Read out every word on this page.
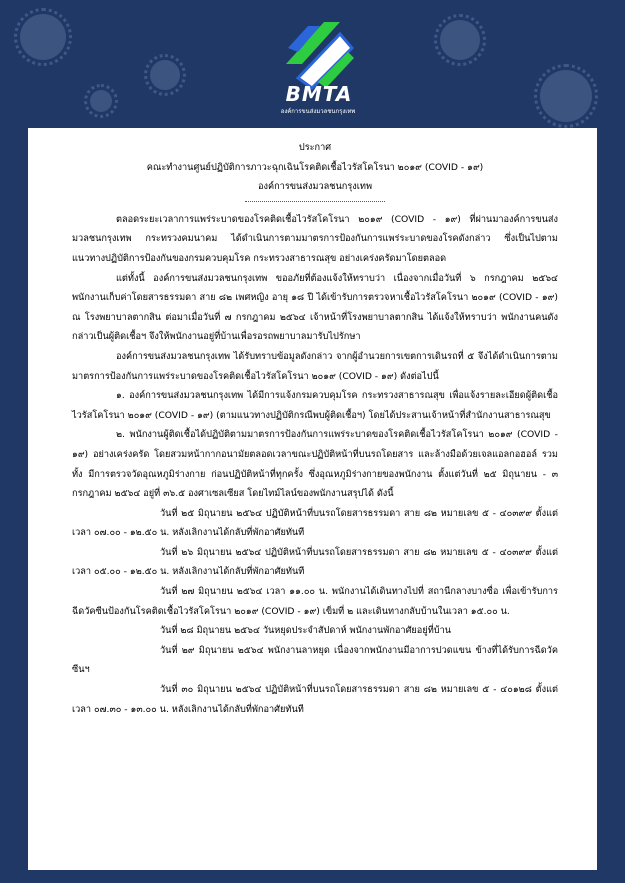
BMTA
องค์การขนส่งมวลชนกรุงเทพ
ประกาศ
คณะทำงานศูนย์ปฏิบัติการภาวะฉุกเฉินโรคติดเชื้อไวรัสโคโรนา ๒๐๑๙ (COVID - ๑๙)
องค์การขนส่งมวลชนกรุงเทพ

ตลอดระยะเวลาการแพร่ระบาดของโรคติดเชื้อไวรัสโคโรนา ๒๐๑๙ (COVID - ๑๙) ที่ผ่านมาองค์การขนส่งมวลชนกรุงเทพ กระทรวงคมนาคม ได้ดำเนินการตามมาตรการป้องกันการแพร่ระบาดของโรคดังกล่าว ซึ่งเป็นไปตามแนวทางปฏิบัติการป้องกันของกรมควบคุมโรค กระทรวงสาธารณสุข อย่างเคร่งครัดมาโดยตลอด

แต่ทั้งนี้ องค์การขนส่งมวลชนกรุงเทพ ขออภัยที่ต้องแจ้งให้ทราบว่า เนื่องจากเมื่อวันที่ ๖ กรกฎาคม ๒๕๖๔ พนักงานเก็บค่าโดยสารธรรมดา สาย ๘๒ เพศหญิง อายุ ๑๘ ปี ได้เข้ารับการตรวจหาเชื้อไวรัสโคโรนา ๒๐๑๙ (COVID - ๑๙) ณ โรงพยาบาลตากสิน ต่อมาเมื่อวันที่ ๗ กรกฎาคม ๒๕๖๔ เจ้าหน้าที่โรงพยาบาลตากสิน ได้แจ้งให้ทราบว่า พนักงานคนดังกล่าวเป็นผู้ติดเชื้อฯ จึงให้พนักงานอยู่ที่บ้านเพื่อรอรถพยาบาลมารับไปรักษา

องค์การขนส่งมวลชนกรุงเทพ ได้รับทราบข้อมูลดังกล่าว จากผู้อำนวยการเขตการเดินรถที่ ๕ จึงได้ดำเนินการตามมาตรการป้องกันการแพร่ระบาดของโรคติดเชื้อไวรัสโคโรนา ๒๐๑๙ (COVID - ๑๙) ดังต่อไปนี้

๑. องค์การขนส่งมวลชนกรุงเทพ ได้มีการแจ้งกรมควบคุมโรค กระทรวงสาธารณสุข เพื่อแจ้งรายละเอียดผู้ติดเชื้อไวรัสโคโรนา ๒๐๑๙ (COVID - ๑๙) (ตามแนวทางปฏิบัติกรณีพบผู้ติดเชื้อฯ) โดยได้ประสานเจ้าหน้าที่สำนักงานสาธารณสุข

๒. พนักงานผู้ติดเชื้อได้ปฏิบัติตามมาตรการป้องกันการแพร่ระบาดของโรคติดเชื้อไวรัสโคโรนา ๒๐๑๙ (COVID - ๑๙) อย่างเคร่งครัด โดยสวมหน้ากากอนามัยตลอดเวลาขณะปฏิบัติหน้าที่บนรถโดยสาร และล้างมือด้วยเจลแอลกอฮอล์ รวมทั้ง มีการตรวจวัดอุณหภูมิร่างกาย ก่อนปฏิบัติหน้าที่ทุกครั้ง ซึ่งอุณหภูมิร่างกายของพนักงาน ตั้งแต่วันที่ ๒๕ มิถุนายน - ๓ กรกฎาคม ๒๕๖๔ อยู่ที่ ๓๖.๕ องศาเซลเซียส โดยไทม์ไลน์ของพนักงานสรุปได้ ดังนี้

วันที่ ๒๕ มิถุนายน ๒๕๖๔ ปฏิบัติหน้าที่บนรถโดยสารธรรมดา สาย ๘๒ หมายเลข ๕ - ๔๐๓๙๙ ตั้งแต่เวลา ๐๗.๐๐ - ๑๒.๕๐ น. หลังเลิกงานได้กลับที่พักอาศัยทันที

วันที่ ๒๖ มิถุนายน ๒๕๖๔ ปฏิบัติหน้าที่บนรถโดยสารธรรมดา สาย ๘๒ หมายเลข ๕ - ๔๐๓๙๙ ตั้งแต่เวลา ๐๕.๐๐ - ๑๒.๕๐ น. หลังเลิกงานได้กลับที่พักอาศัยทันที

วันที่ ๒๗ มิถุนายน ๒๕๖๔ เวลา ๑๑.๐๐ น. พนักงานได้เดินทางไปที่ สถานีกลางบางซื่อ เพื่อเข้ารับการฉีดวัคซีนป้องกันโรคติดเชื้อไวรัสโคโรนา ๒๐๑๙ (COVID - ๑๙) เข็มที่ ๒ และเดินทางกลับบ้านในเวลา ๑๕.๐๐ น.

วันที่ ๒๘ มิถุนายน ๒๕๖๔ วันหยุดประจำสัปดาห์ พนักงานพักอาศัยอยู่ที่บ้าน

วันที่ ๒๙ มิถุนายน ๒๕๖๔ พนักงานลาหยุด เนื่องจากพนักงานมีอาการปวดแขน ข้างที่ได้รับการฉีดวัคซีนฯ

วันที่ ๓๐ มิถุนายน ๒๕๖๔ ปฏิบัติหน้าที่บนรถโดยสารธรรมดา สาย ๘๒ หมายเลข ๕ - ๔๐๑๒๘ ตั้งแต่เวลา ๐๗.๓๐ - ๑๓.๐๐ น. หลังเลิกงานได้กลับที่พักอาศัยทันที
